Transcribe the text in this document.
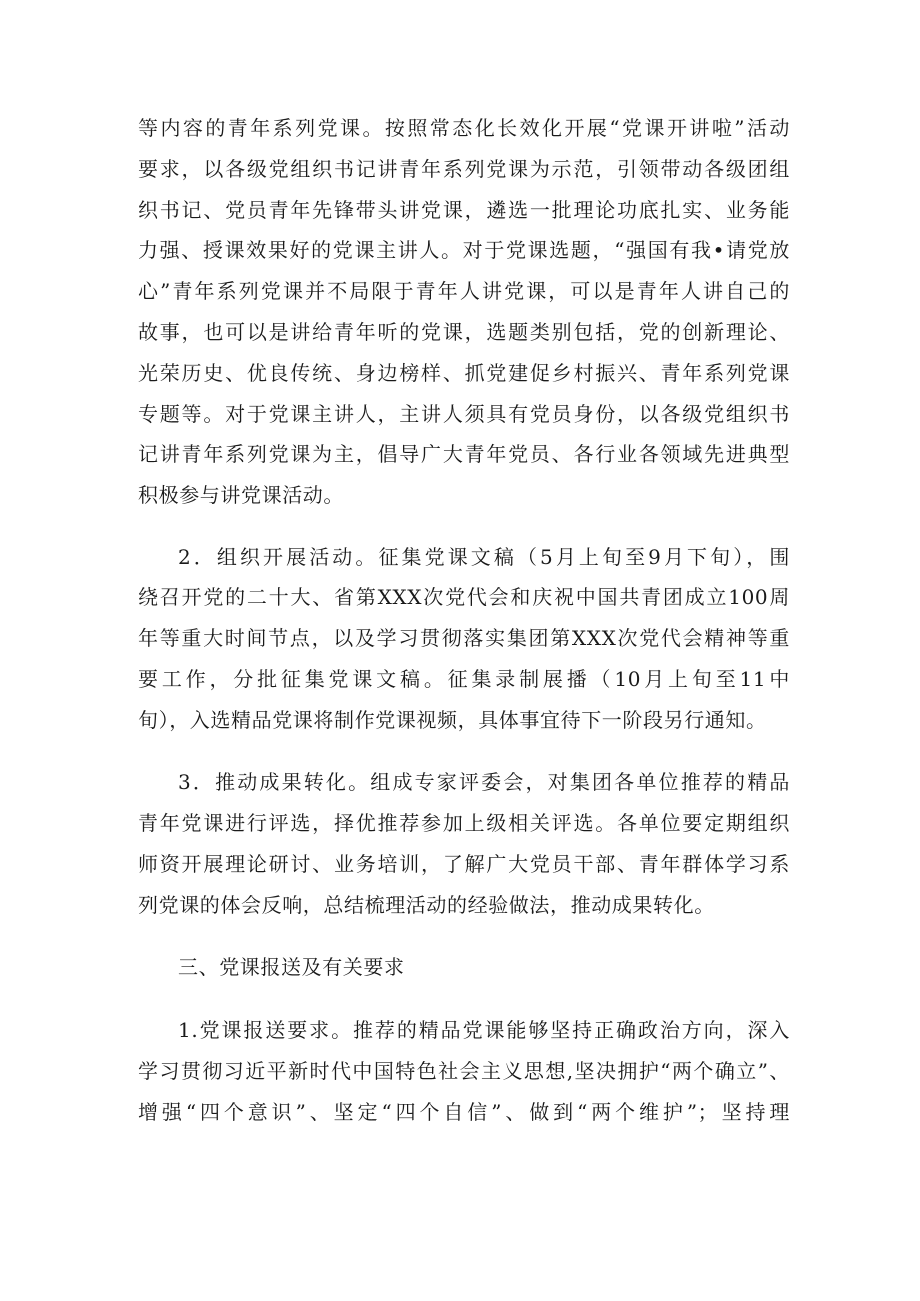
等内容的青年系列党课。按照常态化长效化开展“党课开讲啦”活动
要求，以各级党组织书记讲青年系列党课为示范，引领带动各级团组
织书记、党员青年先锋带头讲党课，遴选一批理论功底扎实、业务能
力强、授课效果好的党课主讲人。对于党课选题，“强国有我•请党放
心”青年系列党课并不局限于青年人讲党课，可以是青年人讲自己的
故事，也可以是讲给青年听的党课，选题类别包括，党的创新理论、
光荣历史、优良传统、身边榜样、抓党建促乡村振兴、青年系列党课
专题等。对于党课主讲人，主讲人须具有党员身份，以各级党组织书
记讲青年系列党课为主，倡导广大青年党员、各行业各领域先进典型
积极参与讲党课活动。
2．组织开展活动。征集党课文稿（5月上旬至9月下旬），围
绕召开党的二十大、省第XXX次党代会和庆祝中国共青团成立100周
年等重大时间节点，以及学习贯彻落实集团第XXX次党代会精神等重
要工作，分批征集党课文稿。征集录制展播（10月上旬至11中
旬），入选精品党课将制作党课视频，具体事宜待下一阶段另行通知。
3．推动成果转化。组成专家评委会，对集团各单位推荐的精品
青年党课进行评选，择优推荐参加上级相关评选。各单位要定期组织
师资开展理论研讨、业务培训，了解广大党员干部、青年群体学习系
列党课的体会反响，总结梳理活动的经验做法，推动成果转化。
三、党课报送及有关要求
1.党课报送要求。推荐的精品党课能够坚持正确政治方向，深入
学习贯彻习近平新时代中国特色社会主义思想,坚决拥护“两个确立”、
增强“四个意识”、坚定“四个自信”、做到“两个维护”；坚持理
